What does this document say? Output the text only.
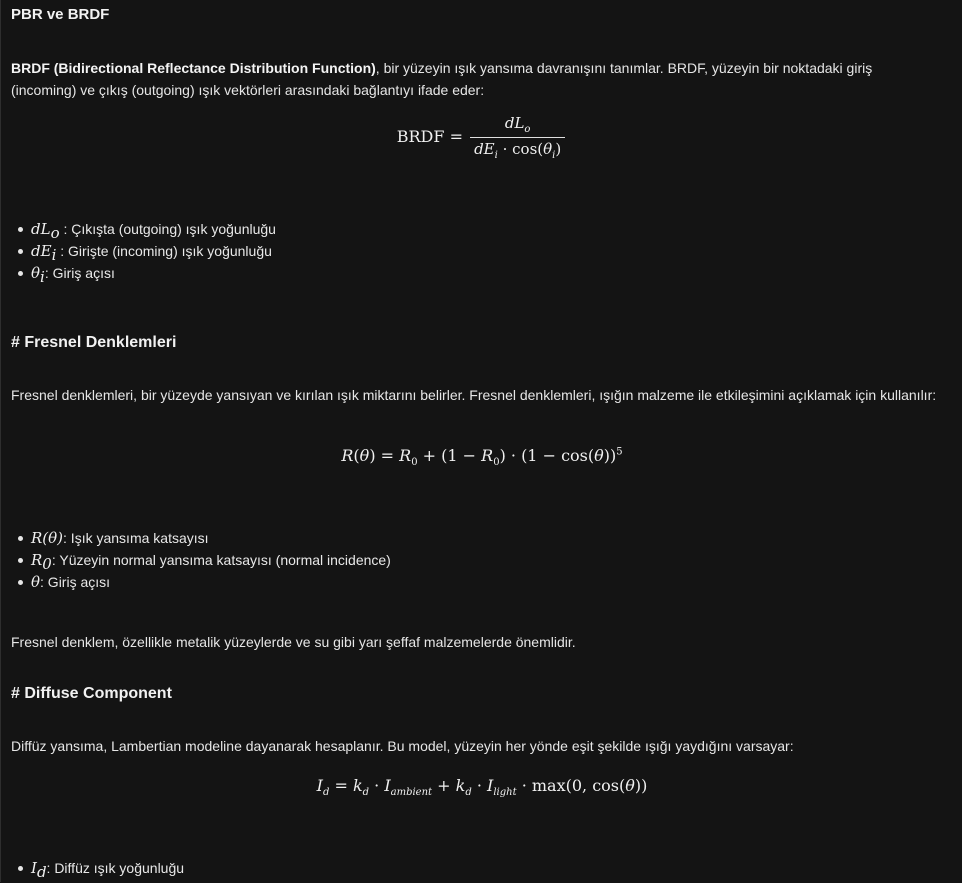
PBR ve BRDF
BRDF (Bidirectional Reflectance Distribution Function), bir yüzeyin ışık yansıma davranışını tanımlar. BRDF, yüzeyin bir noktadaki giriş (incoming) ve çıkış (outgoing) ışık vektörleri arasındaki bağlantıyı ifade eder:
BRDF = $\frac{dL_o}{dE_i \cdot \cos(\theta_i)}$
$dL_o$ : Çıkışta (outgoing) ışık yoğunluğu
$dE_i$ : Girişte (incoming) ışık yoğunluğu
$\theta_i$: Giriş açısı
# Fresnel Denklemleri
Fresnel denklemleri, bir yüzeyde yansıyan ve kırılan ışık miktarını belirler. Fresnel denklemleri, ışığın malzeme ile etkileşimini açıklamak için kullanılır:
$R(\theta) = R_0 + (1 - R_0) \cdot (1 - \cos(\theta))^5$
R(θ): Işık yansıma katsayısı
$R_0$: Yüzeyin normal yansıma katsayısı (normal incidence)
θ: Giriş açısı
Fresnel denklem, özellikle metalik yüzeylerde ve su gibi yarı şeffaf malzemelerde önemlidir.
# Diffuse Component
Diffüz yansıma, Lambertian modeline dayanarak hesaplanır. Bu model, yüzeyin her yönde eşit şekilde ışığı yaydığını varsayar:
$I_d = k_d \cdot I_{ambient} + k_d \cdot I_{light} \cdot \max(0$, cos(θ))
$I_d$: Diffüz ışık yoğunluğu
